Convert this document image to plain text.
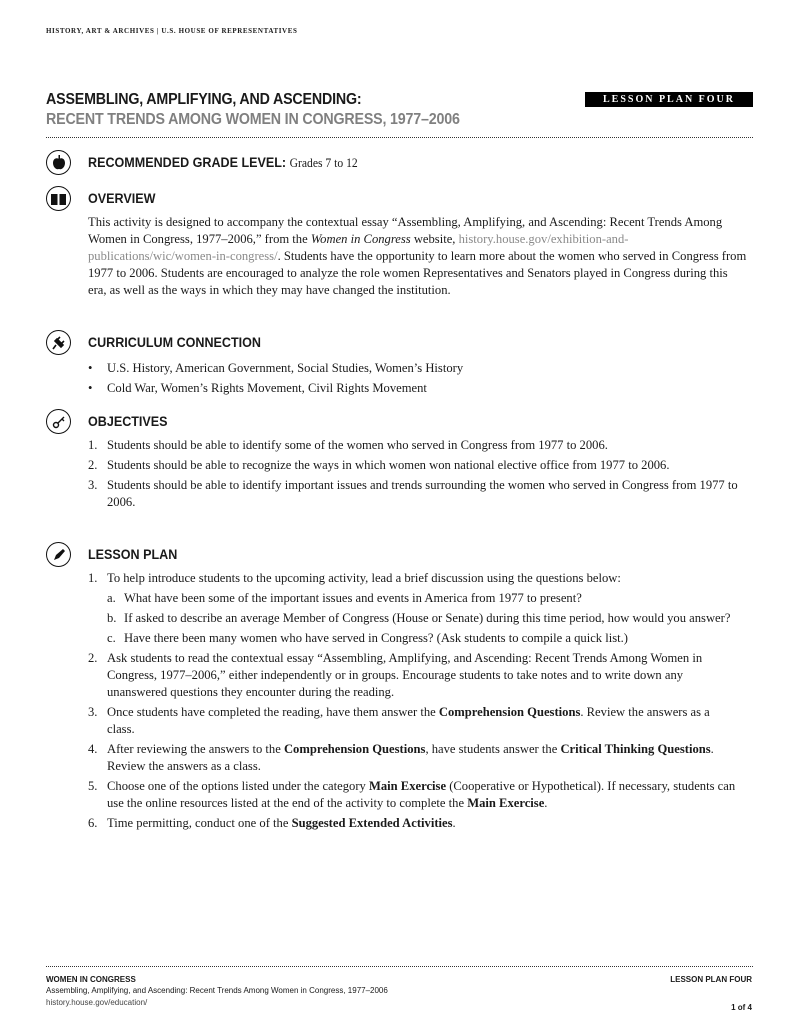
HISTORY, ART & ARCHIVES | U.S. HOUSE OF REPRESENTATIVES
ASSEMBLING, AMPLIFYING, AND ASCENDING:
RECENT TRENDS AMONG WOMEN IN CONGRESS, 1977–2006
LESSON PLAN FOUR
RECOMMENDED GRADE LEVEL: Grades 7 to 12
OVERVIEW
This activity is designed to accompany the contextual essay “Assembling, Amplifying, and Ascending: Recent Trends Among Women in Congress, 1977–2006,” from the Women in Congress website, history.house.gov/exhibition-and-publications/wic/women-in-congress/. Students have the opportunity to learn more about the women who served in Congress from 1977 to 2006. Students are encouraged to analyze the role women Representatives and Senators played in Congress during this era, as well as the ways in which they may have changed the institution.
CURRICULUM CONNECTION
• U.S. History, American Government, Social Studies, Women’s History
• Cold War, Women’s Rights Movement, Civil Rights Movement
OBJECTIVES
1. Students should be able to identify some of the women who served in Congress from 1977 to 2006.
2. Students should be able to recognize the ways in which women won national elective office from 1977 to 2006.
3. Students should be able to identify important issues and trends surrounding the women who served in Congress from 1977 to 2006.
LESSON PLAN
1. To help introduce students to the upcoming activity, lead a brief discussion using the questions below:
a. What have been some of the important issues and events in America from 1977 to present?
b. If asked to describe an average Member of Congress (House or Senate) during this time period, how would you answer?
c. Have there been many women who have served in Congress? (Ask students to compile a quick list.)
2. Ask students to read the contextual essay “Assembling, Amplifying, and Ascending: Recent Trends Among Women in Congress, 1977–2006,” either independently or in groups. Encourage students to take notes and to write down any unanswered questions they encounter during the reading.
3. Once students have completed the reading, have them answer the Comprehension Questions. Review the answers as a class.
4. After reviewing the answers to the Comprehension Questions, have students answer the Critical Thinking Questions. Review the answers as a class.
5. Choose one of the options listed under the category Main Exercise (Cooperative or Hypothetical). If necessary, students can use the online resources listed at the end of the activity to complete the Main Exercise.
6. Time permitting, conduct one of the Suggested Extended Activities.
WOMEN IN CONGRESS
Assembling, Amplifying, and Ascending: Recent Trends Among Women in Congress, 1977–2006
history.house.gov/education/
LESSON PLAN FOUR
1 of 4
